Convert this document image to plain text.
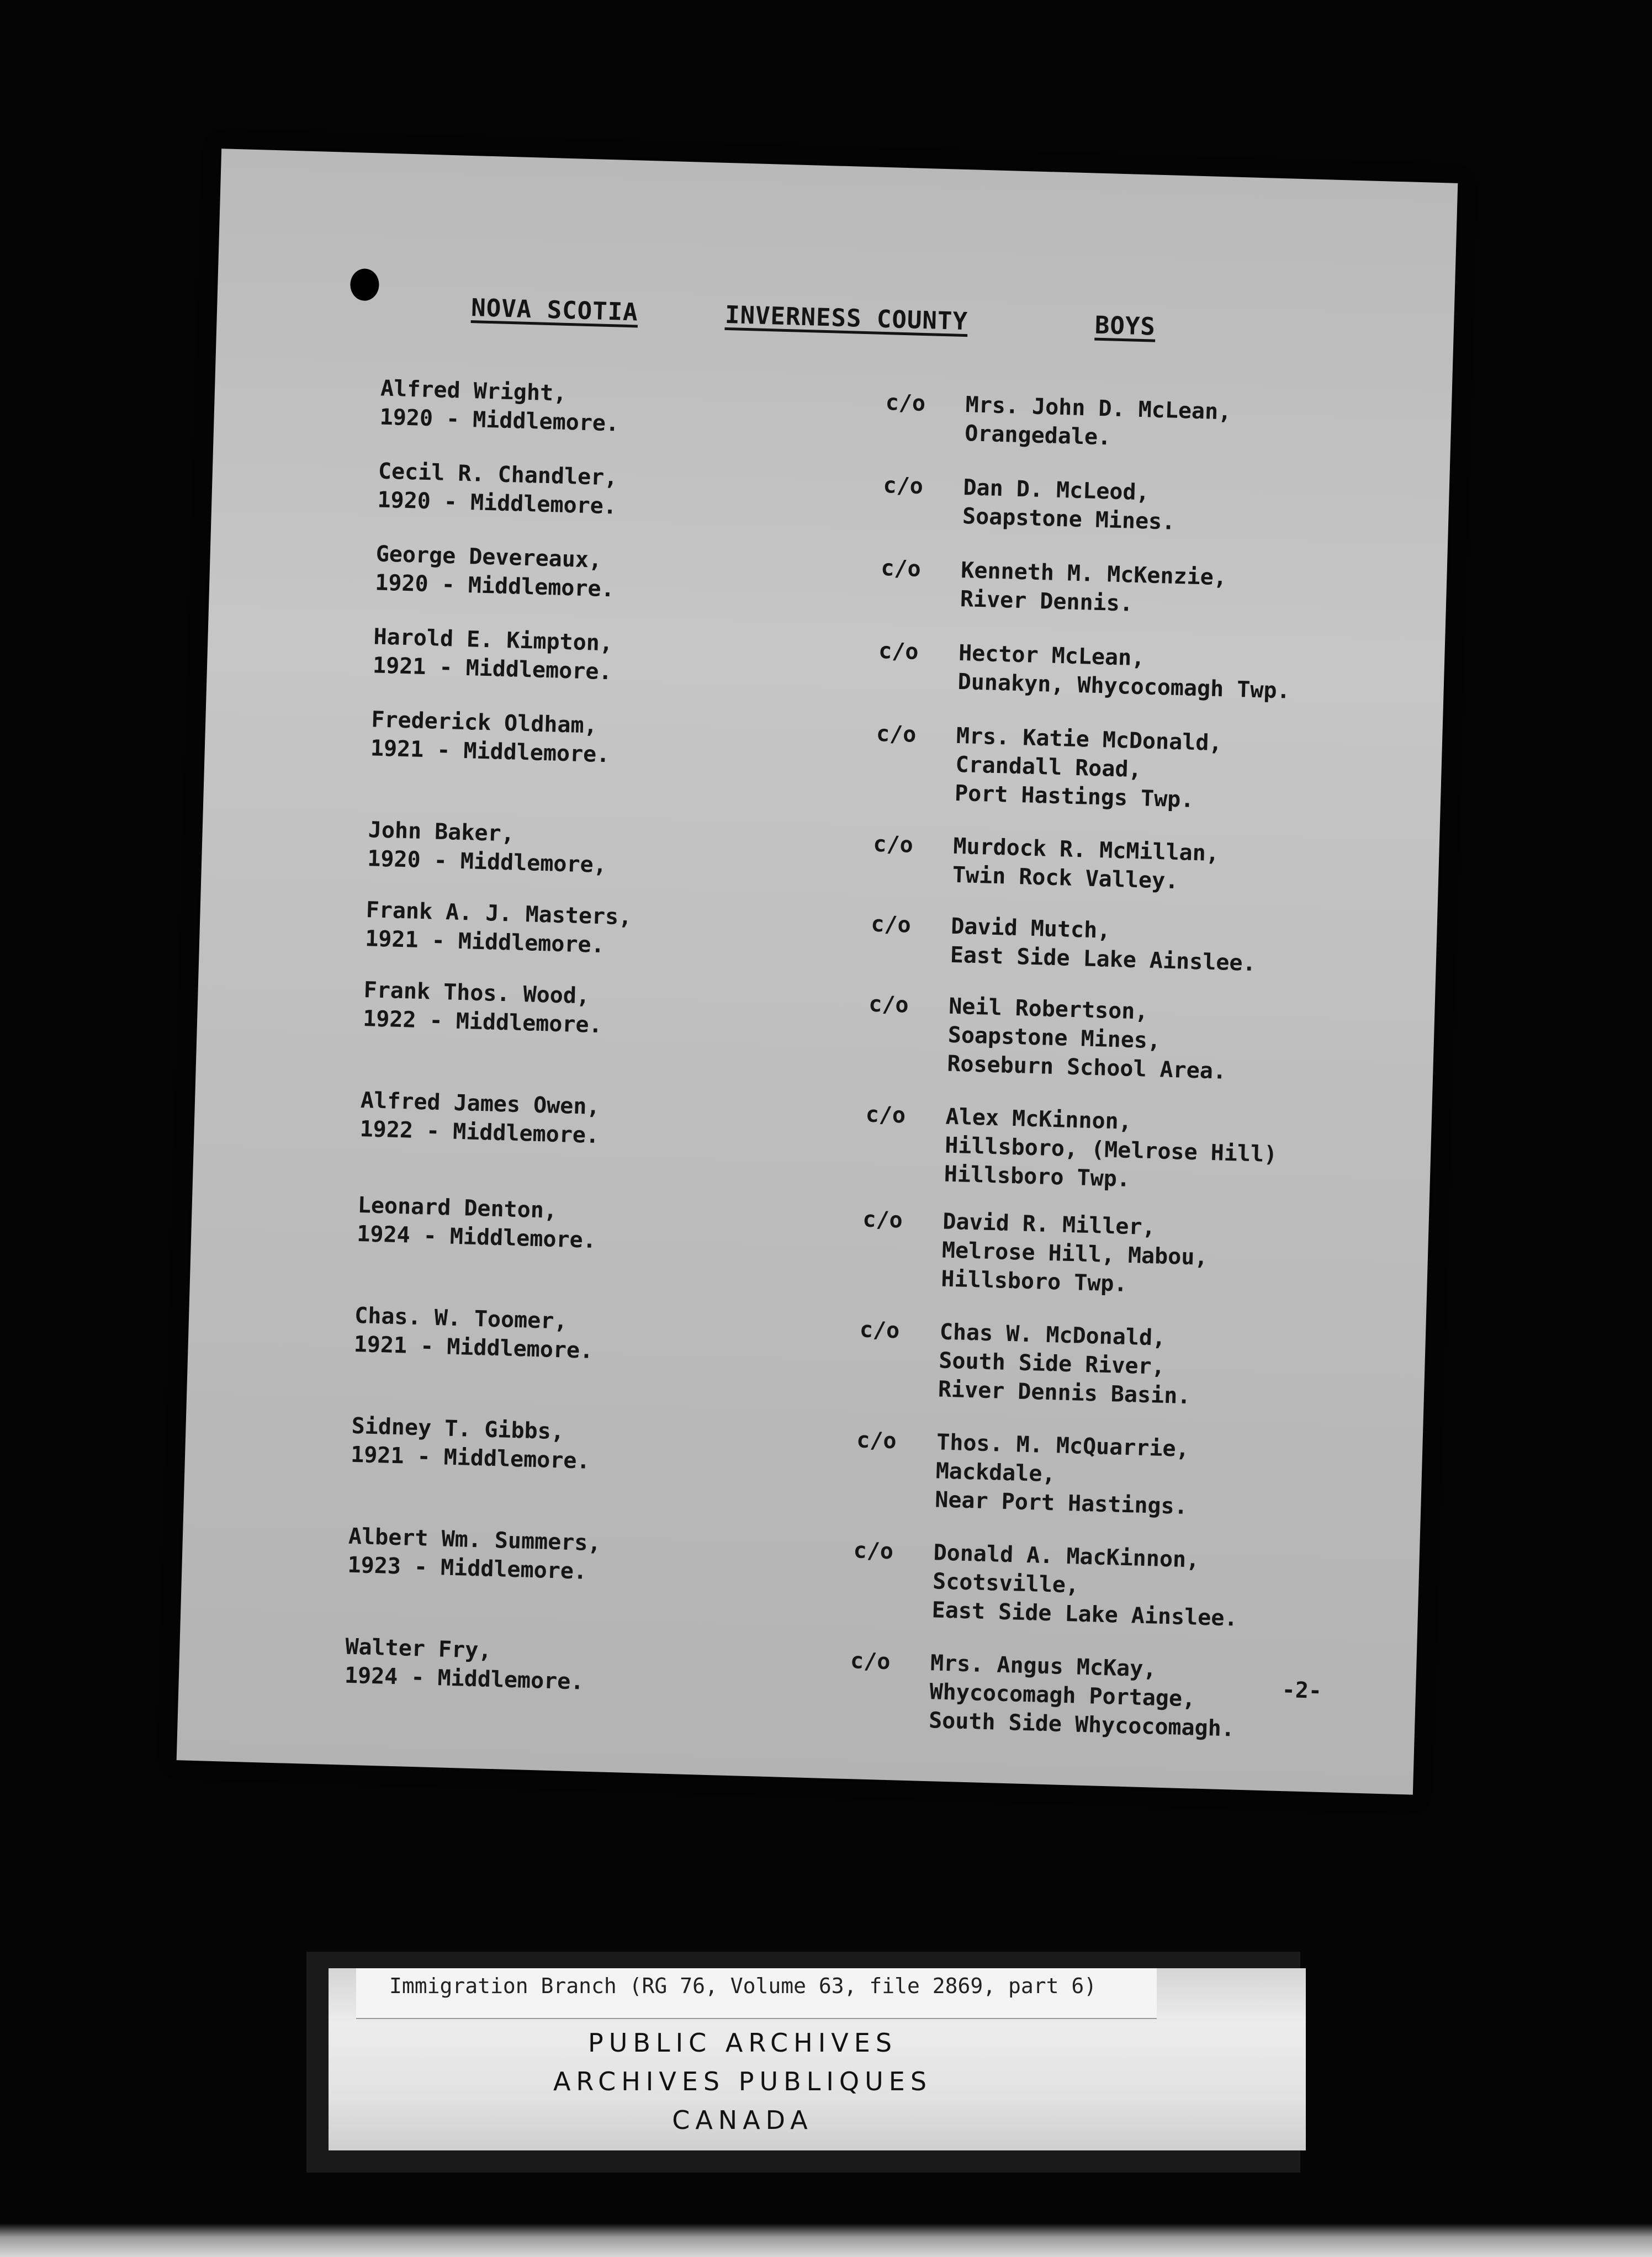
NOVA SCOTIA	INVERNESS COUNTY	BOYS
Alfred Wright,
1920 - Middlemore.
c/o	Mrs. John D. McLean,
Orangedale.
Cecil R. Chandler,
1920 - Middlemore.
c/o	Dan D. McLeod,
Soapstone Mines.
George Devereaux,
1920 - Middlemore.
c/o	Kenneth M. McKenzie,
River Dennis.
Harold E. Kimpton,
1921 - Middlemore.
c/o	Hector McLean,
Dunakyn, Whycocomagh Twp.
Frederick Oldham,
1921 - Middlemore.
c/o	Mrs. Katie McDonald,
Crandall Road,
Port Hastings Twp.
John Baker,
1920 - Middlemore,
c/o	Murdock R. McMillan,
Twin Rock Valley.
Frank A. J. Masters,
1921 - Middlemore.
c/o	David Mutch,
East Side Lake Ainslee.
Frank Thos. Wood,
1922 - Middlemore.
c/o	Neil Robertson,
Soapstone Mines,
Roseburn School Area.
Alfred James Owen,
1922 - Middlemore.
c/o	Alex McKinnon,
Hillsboro, (Melrose Hill)
Hillsboro Twp.
Leonard Denton,
1924 - Middlemore.
c/o	David R. Miller,
Melrose Hill, Mabou,
Hillsboro Twp.
Chas. W. Toomer,
1921 - Middlemore.
c/o	Chas W. McDonald,
South Side River,
River Dennis Basin.
Sidney T. Gibbs,
1921 - Middlemore.
c/o	Thos. M. McQuarrie,
Mackdale,
Near Port Hastings.
Albert Wm. Summers,
1923 - Middlemore.
c/o	Donald A. MacKinnon,
Scotsville,
East Side Lake Ainslee.
Walter Fry,
1924 - Middlemore.
c/o	Mrs. Angus McKay,
Whycocomagh Portage,
South Side Whycocomagh.
-2-
Immigration Branch (RG 76, Volume 63, file 2869, part 6)
PUBLIC ARCHIVES
ARCHIVES PUBLIQUES
CANADA
